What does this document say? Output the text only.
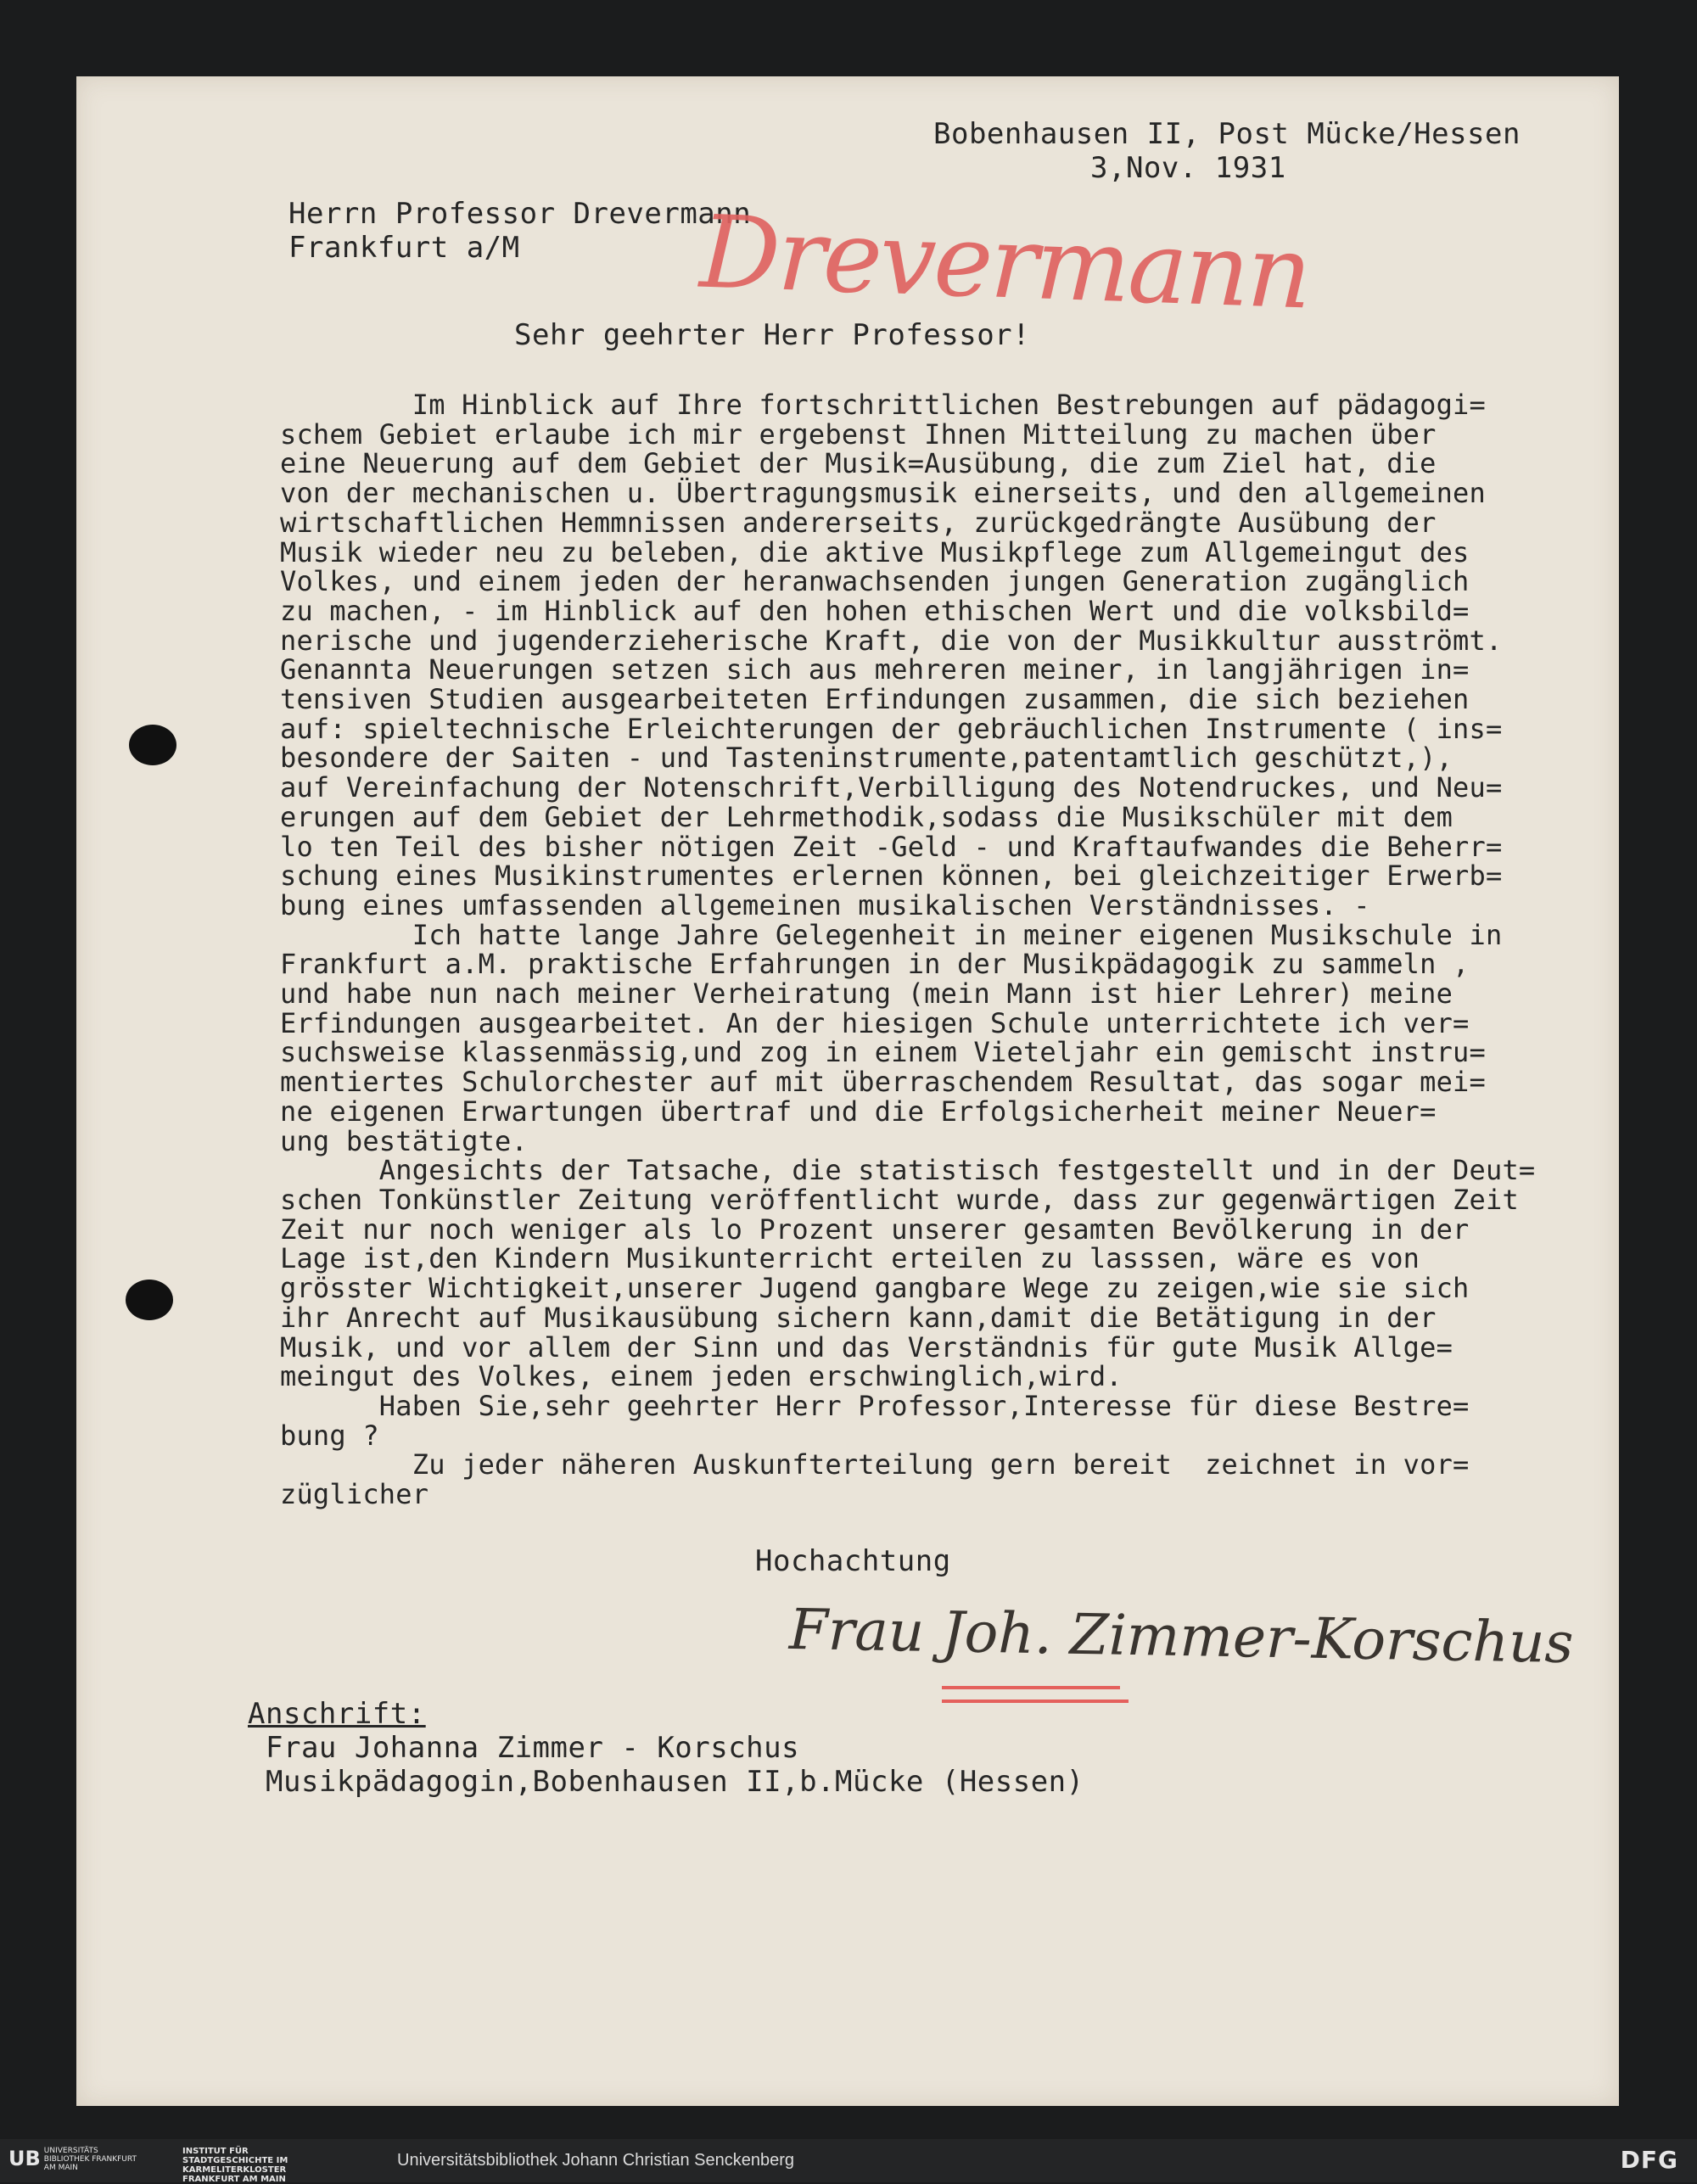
Bobenhausen II, Post Mücke/Hessen
3,Nov. 1931
Herrn Professor Drevermann
Frankfurt a/M Drevermann
Sehr geehrter Herr Professor!
Im Hinblick auf Ihre fortschrittlichen Bestrebungen auf pädagogi=
schem Gebiet erlaube ich mir ergebenst Ihnen Mitteilung zu machen über
eine Neuerung auf dem Gebiet der Musik=Ausübung, die zum Ziel hat, die
von der mechanischen u. Übertragungsmusik einerseits, und den allgemeinen
wirtschaftlichen Hemmnissen andererseits, zurückgedrängte Ausübung der
Musik wieder neu zu beleben, die aktive Musikpflege zum Allgemeingut des
Volkes, und einem jeden der heranwachsenden jungen Generation zugänglich
zu machen, - im Hinblick auf den hohen ethischen Wert und die volksbild=
nerische und jugenderzieherische Kraft, die von der Musikkultur ausströmt.
Genannta Neuerungen setzen sich aus mehreren meiner, in langjährigen in=
tensiven Studien ausgearbeiteten Erfindungen zusammen, die sich beziehen
auf: spieltechnische Erleichterungen der gebräuchlichen Instrumente ( ins=
besondere der Saiten - und Tasteninstrumente,patentamtlich geschützt,),
auf Vereinfachung der Notenschrift,Verbilligung des Notendruckes, und Neu=
erungen auf dem Gebiet der Lehrmethodik,sodass die Musikschüler mit dem
lo ten Teil des bisher nötigen Zeit -Geld - und Kraftaufwandes die Beherr=
schung eines Musikinstrumentes erlernen können, bei gleichzeitiger Erwerb=
bung eines umfassenden allgemeinen musikalischen Verständnisses. -
Ich hatte lange Jahre Gelegenheit in meiner eigenen Musikschule in
Frankfurt a.M. praktische Erfahrungen in der Musikpädagogik zu sammeln ,
und habe nun nach meiner Verheiratung (mein Mann ist hier Lehrer) meine
Erfindungen ausgearbeitet. An der hiesigen Schule unterrichtete ich ver=
suchsweise klassenmässig,und zog in einem Vieteljahr ein gemischt instru=
mentiertes Schulorchester auf mit überraschendem Resultat, das sogar mei=
ne eigenen Erwartungen übertraf und die Erfolgsicherheit meiner Neuer=
ung bestätigte.
Angesichts der Tatsache, die statistisch festgestellt und in der Deut=
schen Tonkünstler Zeitung veröffentlicht wurde, dass zur gegenwärtigen Zeit
Zeit nur noch weniger als lo Prozent unserer gesamten Bevölkerung in der
Lage ist,den Kindern Musikunterricht erteilen zu lasssen, wäre es von
grösster Wichtigkeit,unserer Jugend gangbare Wege zu zeigen,wie sie sich
ihr Anrecht auf Musikausübung sichern kann,damit die Betätigung in der
Musik, und vor allem der Sinn und das Verständnis für gute Musik Allge=
meingut des Volkes, einem jeden erschwinglich,wird.
Haben Sie,sehr geehrter Herr Professor,Interesse für diese Bestre=
bung ?
Zu jeder näheren Auskunfterteilung gern bereit  zeichnet in vor=
züglicher
Hochachtung
Frau Joh. Zimmer-Korschus
Anschrift:
Frau Johanna Zimmer - Korschus
Musikpädagogin,Bobenhausen II,b.Mücke (Hessen)
UB UNIVERSITÄTS BIBLIOTHEK FRANKFURT AM MAIN
INSTITUT FÜR STADTGESCHICHTE IM KARMELITERKLOSTER FRANKFURT AM MAIN
Universitätsbibliothek Johann Christian Senckenberg	DFG
